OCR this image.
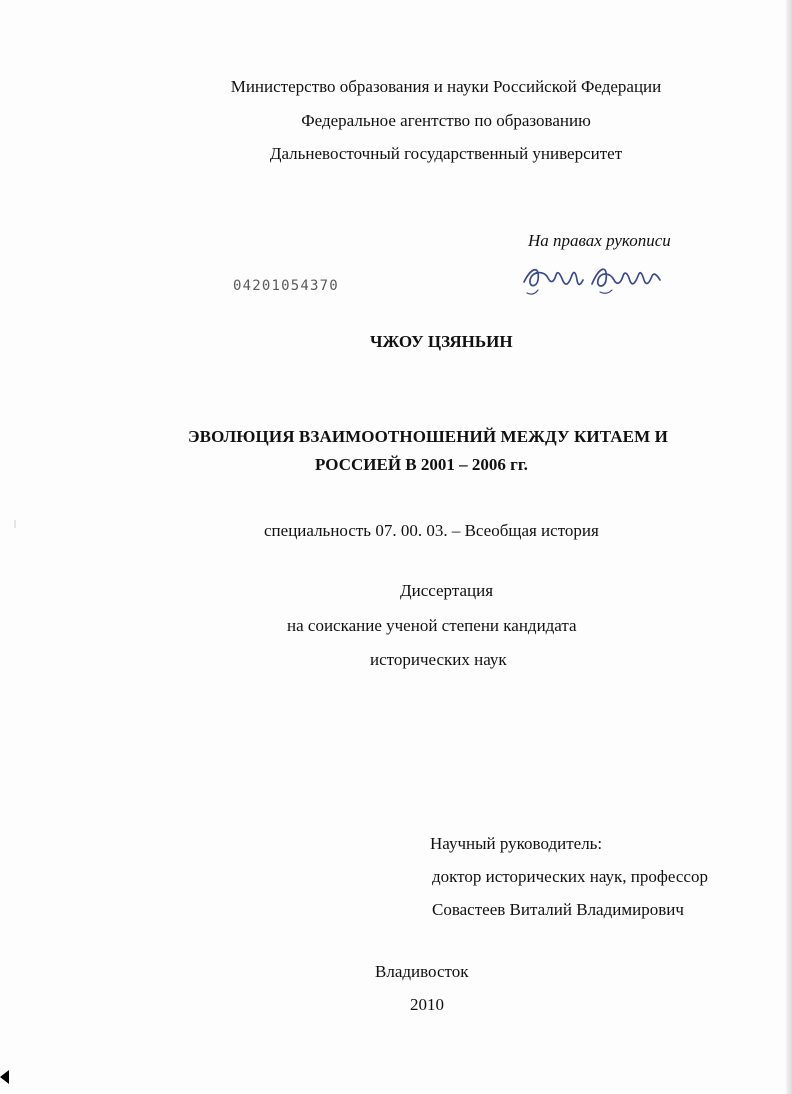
Министерство образования и науки Российской Федерации
Федеральное агентство по образованию
Дальневосточный государственный университет
На правах рукописи
04201054370
ЧЖОУ ЦЗЯНЬИН
ЭВОЛЮЦИЯ ВЗАИМООТНОШЕНИЙ МЕЖДУ КИТАЕМ И
РОССИЕЙ В 2001 – 2006 гг.
специальность 07. 00. 03. – Всеобщая история
Диссертация
на соискание ученой степени кандидата
исторических наук
Научный руководитель:
доктор исторических наук, профессор
Совастеев Виталий Владимирович
Владивосток
2010
